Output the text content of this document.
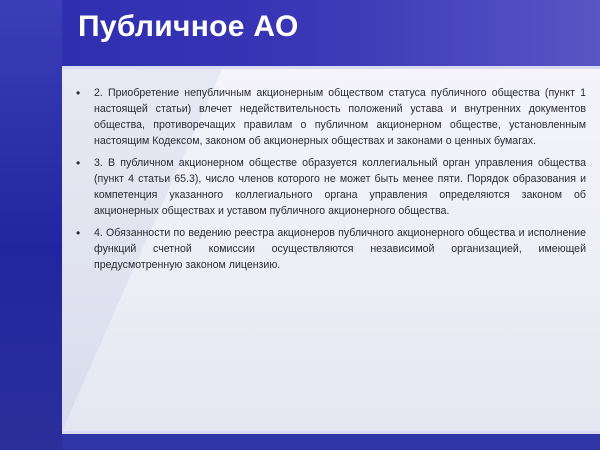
Публичное АО
• 2. Приобретение непубличным акционерным обществом статуса публичного общества (пункт 1 настоящей статьи) влечет недействительность положений устава и внутренних документов общества, противоречащих правилам о публичном акционерном обществе, установленным настоящим Кодексом, законом об акционерных обществах и законами о ценных бумагах.
• 3. В публичном акционерном обществе образуется коллегиальный орган управления общества (пункт 4 статьи 65.3), число членов которого не может быть менее пяти. Порядок образования и компетенция указанного коллегиального органа управления определяются законом об акционерных обществах и уставом публичного акционерного общества.
• 4. Обязанности по ведению реестра акционеров публичного акционерного общества и исполнение функций счетной комиссии осуществляются независимой организацией, имеющей предусмотренную законом лицензию.
